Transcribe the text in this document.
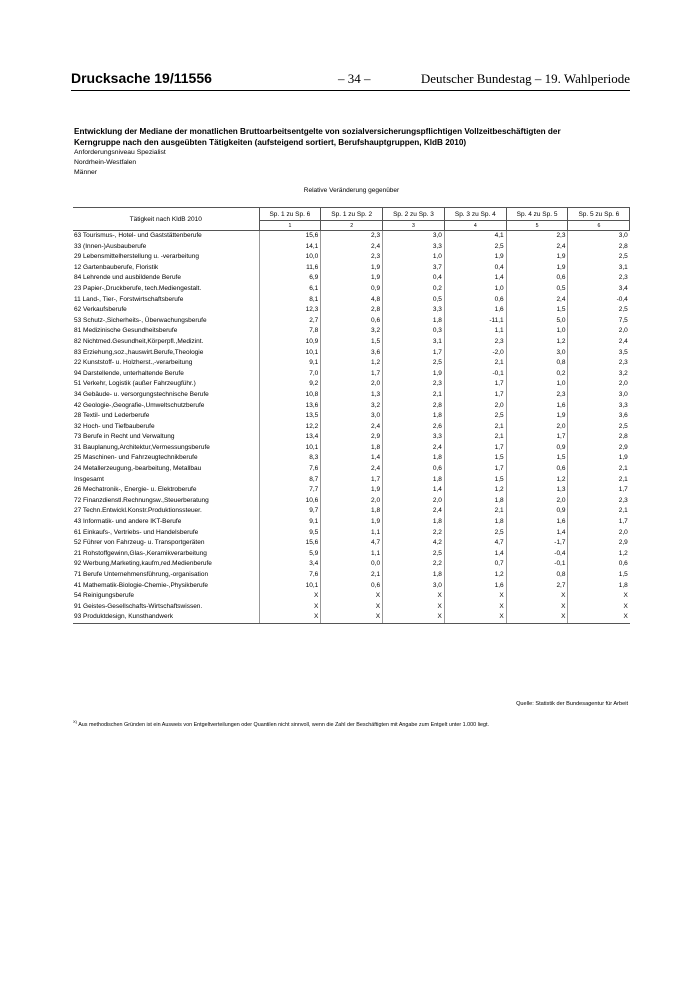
Drucksache 19/11556	– 34 –	Deutscher Bundestag – 19. Wahlperiode

Entwicklung der Mediane der monatlichen Bruttoarbeitsentgelte von sozialversicherungspflichtigen Vollzeitbeschäftigten der

Kerngruppe nach den ausgeübten Tätigkeiten (aufsteigend sortiert, Berufshauptgruppen, KldB 2010)

Anforderungsniveau Spezialist

Nordrhein-Westfalen

Männer

Relative Veränderung gegenüber
Tätigkeit nach KldB 2010	Sp. 1 zu Sp. 6	Sp. 1 zu Sp. 2	Sp. 2 zu Sp. 3	Sp. 3 zu Sp. 4	Sp. 4 zu Sp. 5	Sp. 5 zu Sp. 6
	1	2	3	4	5	6
63 Tourismus-, Hotel- und Gaststättenberufe	15,6	2,3	3,0	4,1	2,3	3,0
33 (Innen-)Ausbauberufe	14,1	2,4	3,3	2,5	2,4	2,8
29 Lebensmittelherstellung u. -verarbeitung	10,0	2,3	1,0	1,9	1,9	2,5
12 Gartenbauberufe, Floristik	11,6	1,9	3,7	0,4	1,9	3,1
84 Lehrende und ausbildende Berufe	6,9	1,9	0,4	1,4	0,6	2,3
23 Papier-,Druckberufe, tech.Mediengestalt.	6,1	0,9	0,2	1,0	0,5	3,4
11 Land-, Tier-, Forstwirtschaftsberufe	8,1	4,8	0,5	0,6	2,4	-0,4
62 Verkaufsberufe	12,3	2,8	3,3	1,6	1,5	2,5
53 Schutz-,Sicherheits-, Überwachungsberufe	2,7	0,6	1,8	-11,1	5,0	7,5
81 Medizinische Gesundheitsberufe	7,8	3,2	0,3	1,1	1,0	2,0
82 Nichtmed.Gesundheit,Körperpfl.,Medizint.	10,9	1,5	3,1	2,3	1,2	2,4
83 Erziehung,soz.,hauswirt.Berufe,Theologie	10,1	3,6	1,7	-2,0	3,0	3,5
22 Kunststoff- u. Holzherst.,-verarbeitung	9,1	1,2	2,5	2,1	0,8	2,3
94 Darstellende, unterhaltende Berufe	7,0	1,7	1,9	-0,1	0,2	3,2
51 Verkehr, Logistik (außer Fahrzeugführ.)	9,2	2,0	2,3	1,7	1,0	2,0
34 Gebäude- u. versorgungstechnische Berufe	10,8	1,3	2,1	1,7	2,3	3,0
42 Geologie-,Geografie-,Umweltschutzberufe	13,6	3,2	2,8	2,0	1,6	3,3
28 Textil- und Lederberufe	13,5	3,0	1,8	2,5	1,9	3,6
32 Hoch- und Tiefbauberufe	12,2	2,4	2,6	2,1	2,0	2,5
73 Berufe in Recht und Verwaltung	13,4	2,9	3,3	2,1	1,7	2,8
31 Bauplanung,Architektur,Vermessungsberufe	10,1	1,8	2,4	1,7	0,9	2,9
25 Maschinen- und Fahrzeugtechnikberufe	8,3	1,4	1,8	1,5	1,5	1,9
24 Metallerzeugung,-bearbeitung, Metallbau	7,6	2,4	0,6	1,7	0,6	2,1
Insgesamt	8,7	1,7	1,8	1,5	1,2	2,1
26 Mechatronik-, Energie- u. Elektroberufe	7,7	1,9	1,4	1,2	1,3	1,7
72 Finanzdienstl.Rechnungsw.,Steuerberatung	10,6	2,0	2,0	1,8	2,0	2,3
27 Techn.Entwickl.Konstr.Produktionssteuer.	9,7	1,8	2,4	2,1	0,9	2,1
43 Informatik- und andere IKT-Berufe	9,1	1,9	1,8	1,8	1,6	1,7
61 Einkaufs-, Vertriebs- und Handelsberufe	9,5	1,1	2,2	2,5	1,4	2,0
52 Führer von Fahrzeug- u. Transportgeräten	15,6	4,7	4,2	4,7	-1,7	2,9
21 Rohstoffgewinn,Glas-,Keramikverarbeitung	5,9	1,1	2,5	1,4	-0,4	1,2
92 Werbung,Marketing,kaufm,red.Medienberufe	3,4	0,0	2,2	0,7	-0,1	0,6
71 Berufe Unternehmensführung,-organisation	7,6	2,1	1,8	1,2	0,8	1,5
41 Mathematik-Biologie-Chemie-,Physikberufe	10,1	0,6	3,0	1,6	2,7	1,8
54 Reinigungsberufe	X	X	X	X	X	X
91 Geistes-Gesellschafts-Wirtschaftswissen.	X	X	X	X	X	X
93 Produktdesign, Kunsthandwerk	X	X	X	X	X	X
Quelle: Statistik der Bundesagentur für Arbeit
$^{X)}$ Aus methodischen Gründen ist ein Ausweis von Entgeltverteilungen oder Quantilen nicht sinnvoll, wenn die Zahl der Beschäftigten mit Angabe zum Entgelt unter 1.000 liegt.
